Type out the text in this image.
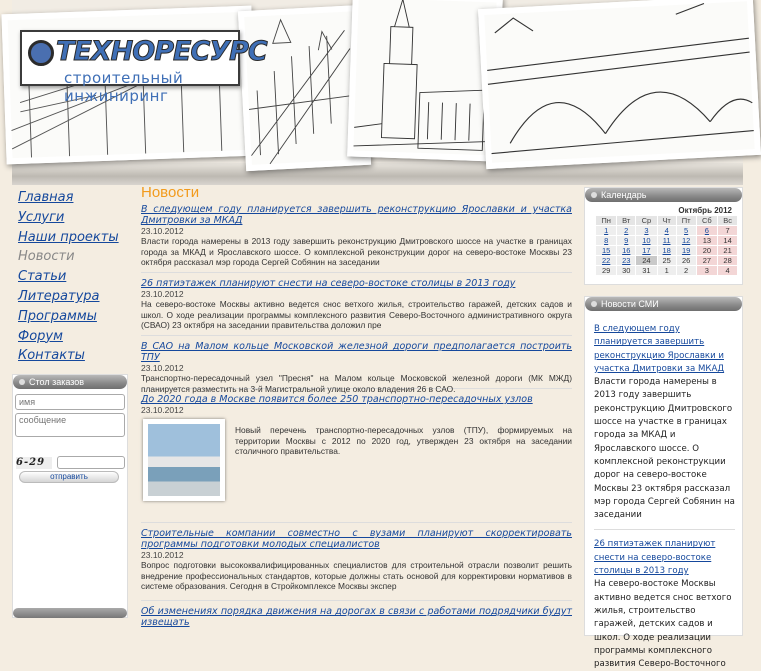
ТЕХНОРЕСУРС
строительный инжиниринг
Главная
Услуги
Наши проекты
Новости
Статьи
Литература
Программы
Форум
Контакты
Стол заказов
имя
сообщение
6-29
отправить
Новости
В следующем году планируется завершить реконструкцию Ярославки и участка Дмитровки за МКАД
23.10.2012

Власти города намерены в 2013 году завершить реконструкцию Дмитровского шоссе на участке в границах города за МКАД и Ярославского шоссе. О комплексной реконструкции дорог на северо-востоке Москвы 23 октября рассказал мэр города Сергей Собянин на заседании

26 пятиэтажек планируют снести на северо-востоке столицы в 2013 году
23.10.2012

На северо-востоке Москвы активно ведется снос ветхого жилья, строительство гаражей, детских садов и школ. О ходе реализации программы комплексного развития Северо-Восточного административного округа (СВАО) 23 октября на заседании правительства доложил пре

В САО на Малом кольце Московской железной дороги предполагается построить ТПУ
23.10.2012

Транспортно-пересадочный узел "Пресня" на Малом кольце Московской железной дороги (МК МЖД) планируется разместить на 3-й Магистральной улице около владения 26 в САО.

До 2020 года в Москве появится более 250 транспортно-пересадочных узлов
23.10.2012

Новый перечень транспортно-пересадочных узлов (ТПУ), формируемых на территории Москвы с 2012 по 2020 год, утвержден 23 октября на заседании столичного правительства.

Строительные компании совместно с вузами планируют скорректировать программы подготовки молодых специалистов
23.10.2012

Вопрос подготовки высококвалифицированных специалистов для строительной отрасли позволит решить внедрение профессиональных стандартов, которые должны стать основой для корректировки нормативов в системе образования. Сегодня в Стройкомплексе Москвы экспер

Об изменениях порядка движения на дорогах в связи с работами подрядчики будут извещать
Календарь
Октябрь 2012
Пн	Вт	Ср	Чт	Пт	Сб	Вс
1	2	3	4	5	6	7
8	9	10	11	12	13	14
15	16	17	18	19	20	21
22	23	24	25	26	27	28
29	30	31	1	2	3	4
Новости СМИ
В следующем году планируется завершить реконструкцию Ярославки и участка Дмитровки за МКАД

Власти города намерены в 2013 году завершить реконструкцию Дмитровского шоссе на участке в границах города за МКАД и Ярославского шоссе. О комплексной реконструкции дорог на северо-востоке Москвы 23 октября рассказал мэр города Сергей Собянин на заседании

26 пятиэтажек планируют снести на северо-востоке столицы в 2013 году

На северо-востоке Москвы активно ведется снос ветхого жилья, строительство гаражей, детских садов и школ. О ходе реализации программы комплексного развития Северо-Восточного
